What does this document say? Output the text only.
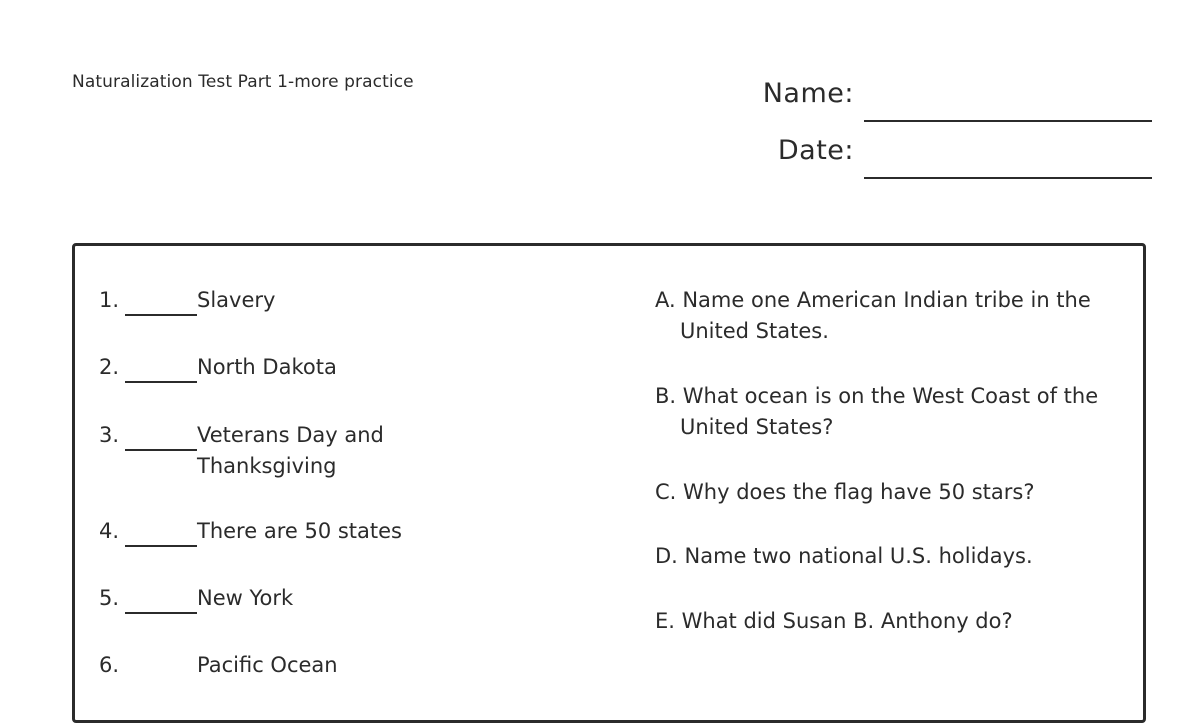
Naturalization Test Part 1-more practice	Name:
Date:
1.	Slavery
2.	North Dakota
3.	Veterans Day and Thanksgiving
4.	There are 50 states
5.	New York
6.	Pacific Ocean
A. Name one American Indian tribe in the United States.
B. What ocean is on the West Coast of the United States?
C. Why does the flag have 50 stars?
D. Name two national U.S. holidays.
E. What did Susan B. Anthony do?
